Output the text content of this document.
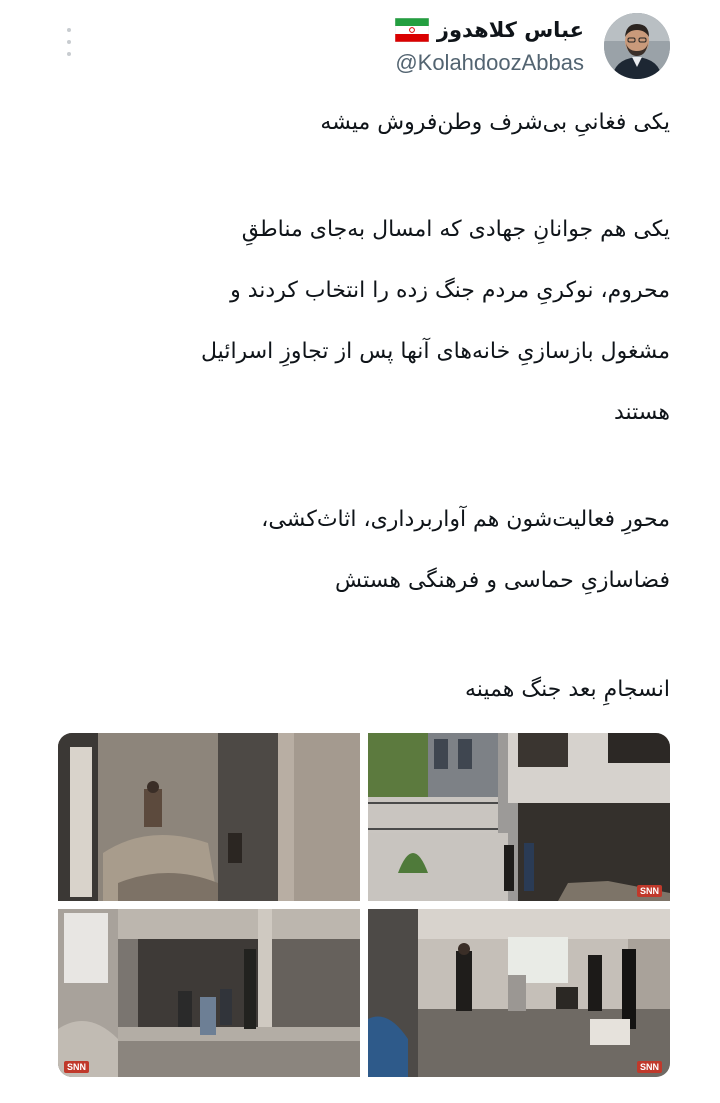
عباس کلاهدوز
@KolahdoozAbbas

یکی فغانیِ بی‌شرف وطن‌فروش میشه

یکی هم جوانانِ جهادی که امسال به‌جای مناطقِ

محروم، نوکریِ مردم جنگ زده را انتخاب کردند و

مشغول بازسازیِ خانه‌های آنها پس از تجاوزِ اسرائیل

هستند

محورِ فعالیت‌شون هم آواربرداری، اثاث‌کشی،

فضاسازیِ حماسی و فرهنگی هستش

انسجامِ بعد جنگ همینه

SNN
SNN	SNN
